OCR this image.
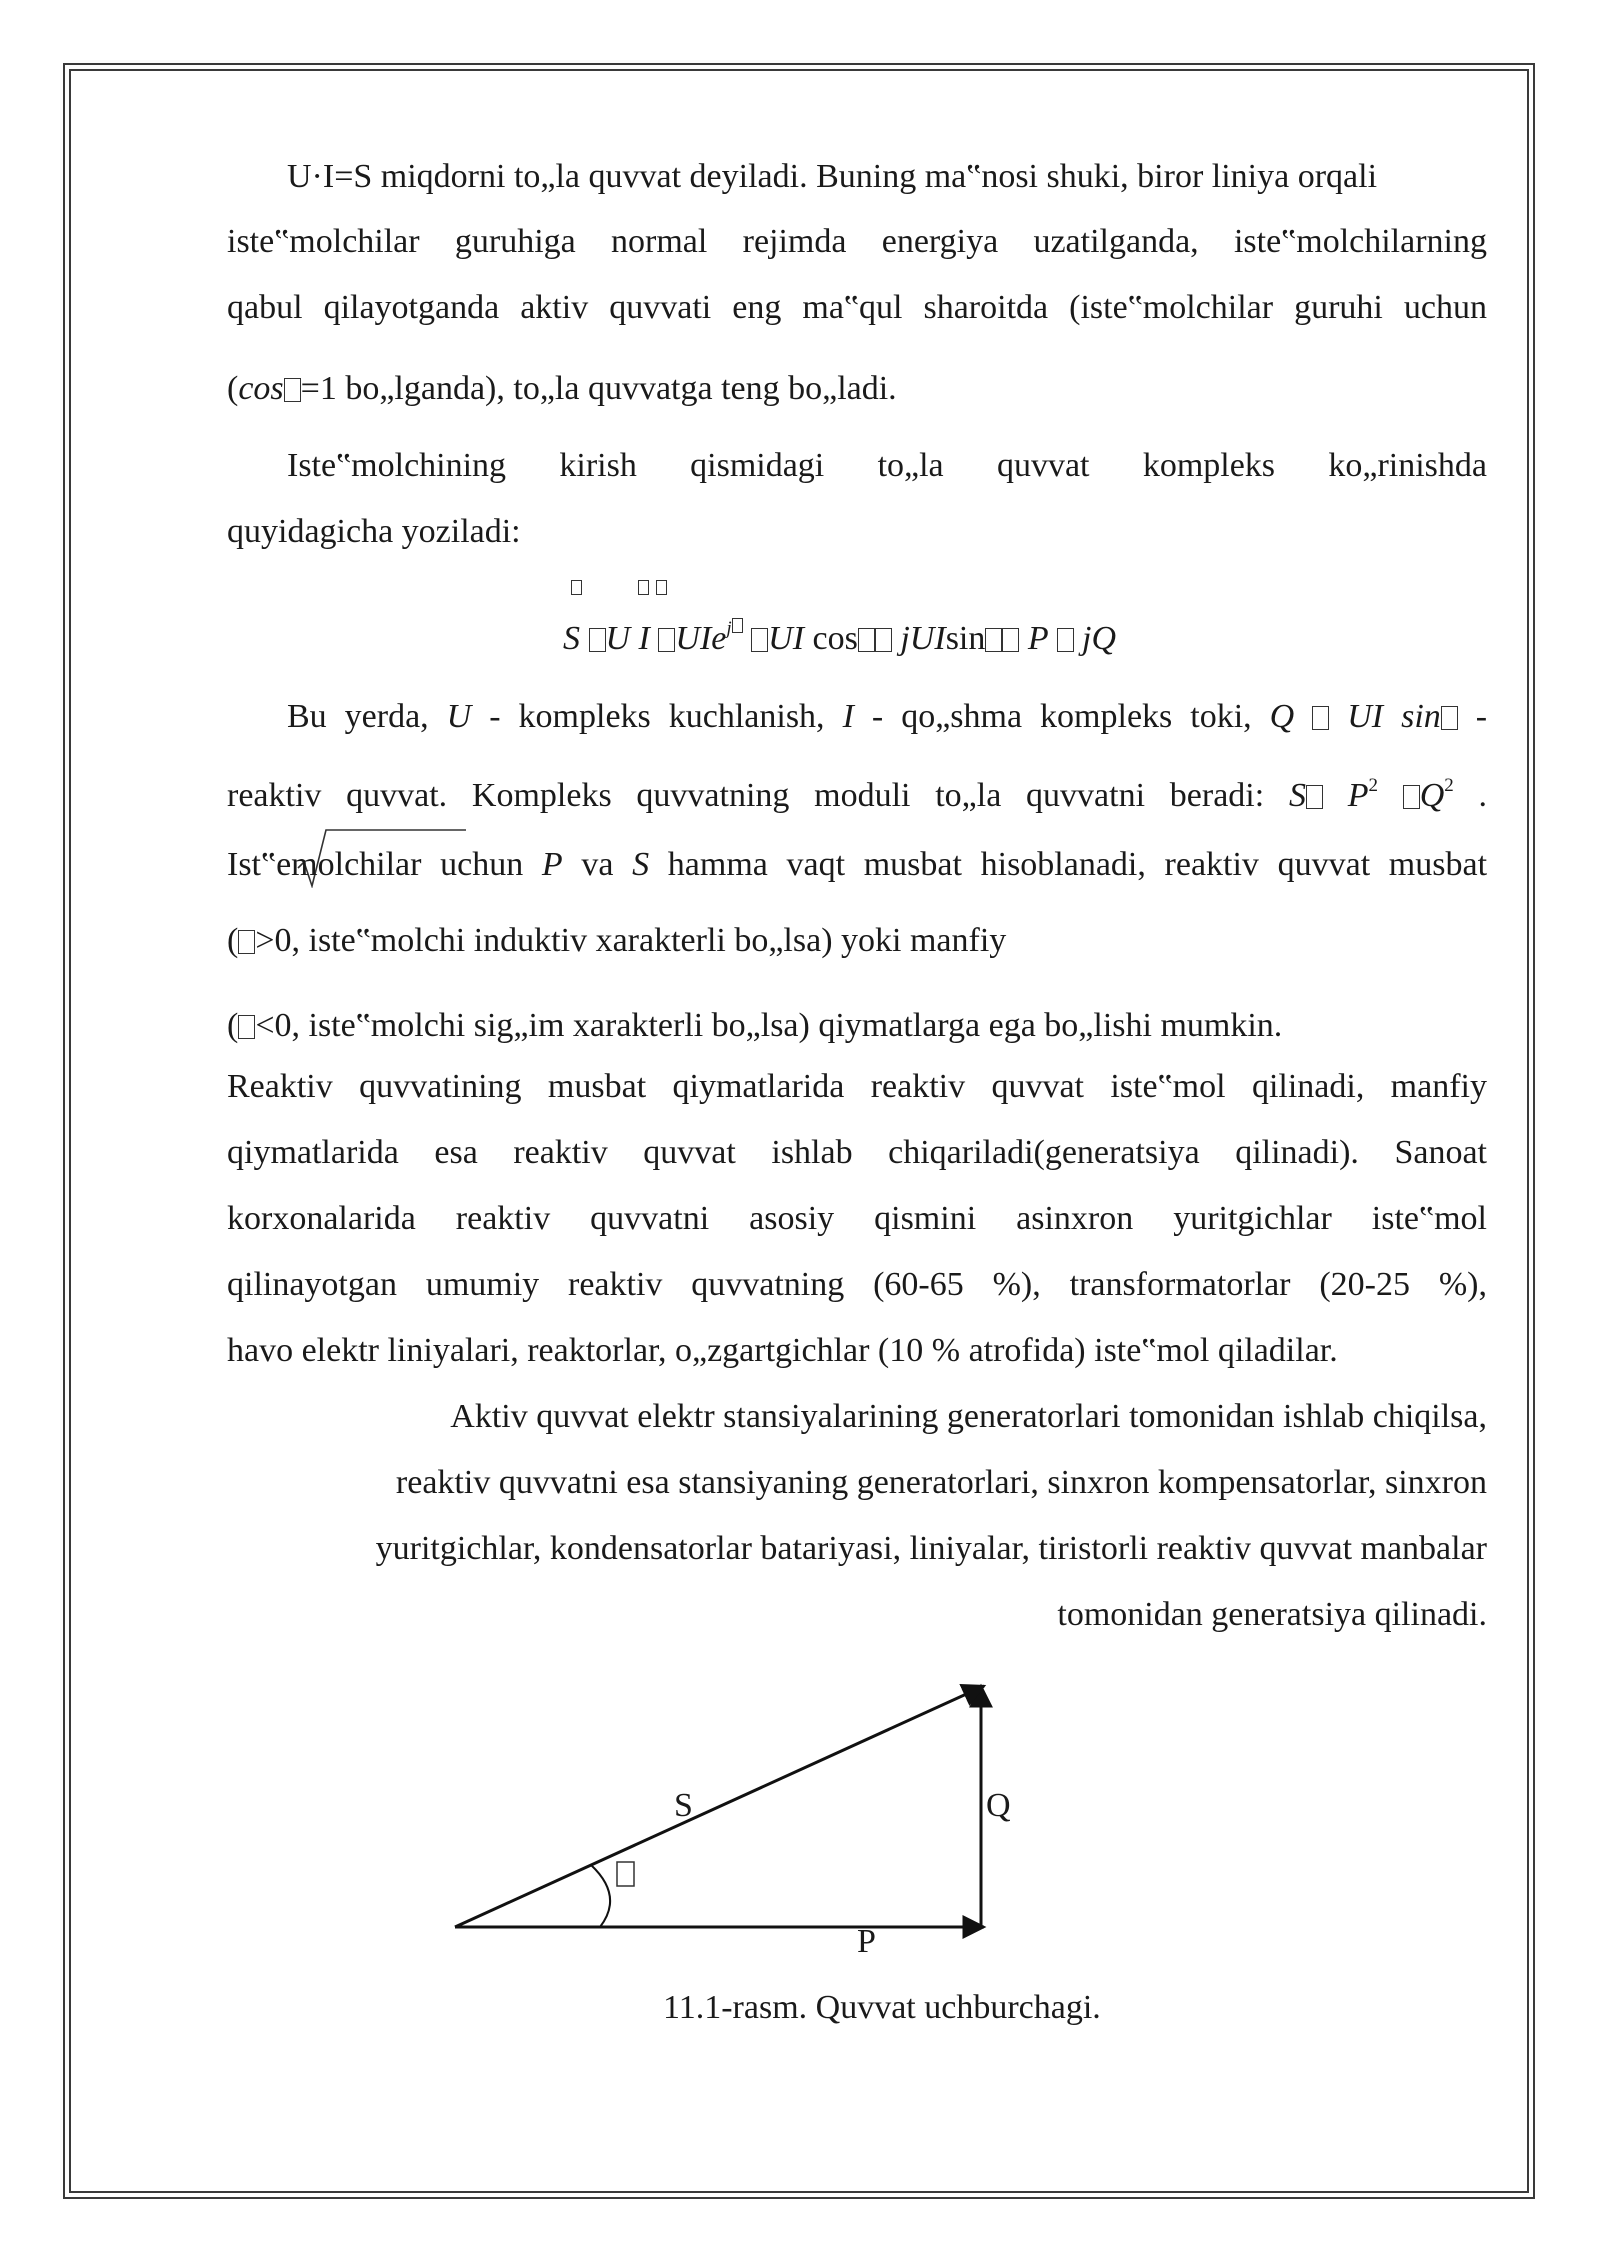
U·I=S miqdorni to„la quvvat deyiladi. Buning ma‟nosi shuki, biror liniya orqali
iste‟molchilar guruhiga normal rejimda energiya uzatilganda, iste‟molchilarning
qabul qilayotganda aktiv quvvati eng ma‟qul sharoitda (iste‟molchilar guruhi uchun
(cos =1 bo„lganda), to„la quvvatga teng bo„ladi.
Iste‟molchining kirish qismidagi to„la quvvat kompleks ko„rinishda
quyidagicha yoziladi:
S U I UIe$^j$ UI cos jUIsin P jQ
Bu yerda, U - kompleks kuchlanish, I - qo„shma kompleks toki, Q UI sin -
reaktiv quvvat. Kompleks quvvatning moduli to„la quvvatni beradi: S $P^2$ $Q^2$ .
Ist‟emolchilar uchun P va S hamma vaqt musbat hisoblanadi, reaktiv quvvat musbat
( >0, iste‟molchi induktiv xarakterli bo„lsa) yoki manfiy
( <0, iste‟molchi sig„im xarakterli bo„lsa) qiymatlarga ega bo„lishi mumkin.
Reaktiv quvvatining musbat qiymatlarida reaktiv quvvat iste‟mol qilinadi, manfiy
qiymatlarida esa reaktiv quvvat ishlab chiqariladi(generatsiya qilinadi). Sanoat
korxonalarida reaktiv quvvatni asosiy qismini asinxron yuritgichlar iste‟mol
qilinayotgan umumiy reaktiv quvvatning (60-65 %), transformatorlar (20-25 %),
havo elektr liniyalari, reaktorlar, o„zgartgichlar (10 % atrofida) iste‟mol qiladilar.
Aktiv quvvat elektr stansiyalarining generatorlari tomonidan ishlab chiqilsa,
reaktiv quvvatni esa stansiyaning generatorlari, sinxron kompensatorlar, sinxron
yuritgichlar, kondensatorlar batariyasi, liniyalar, tiristorli reaktiv quvvat manbalar
tomonidan generatsiya qilinadi.
S	Q
P
11.1-rasm. Quvvat uchburchagi.
